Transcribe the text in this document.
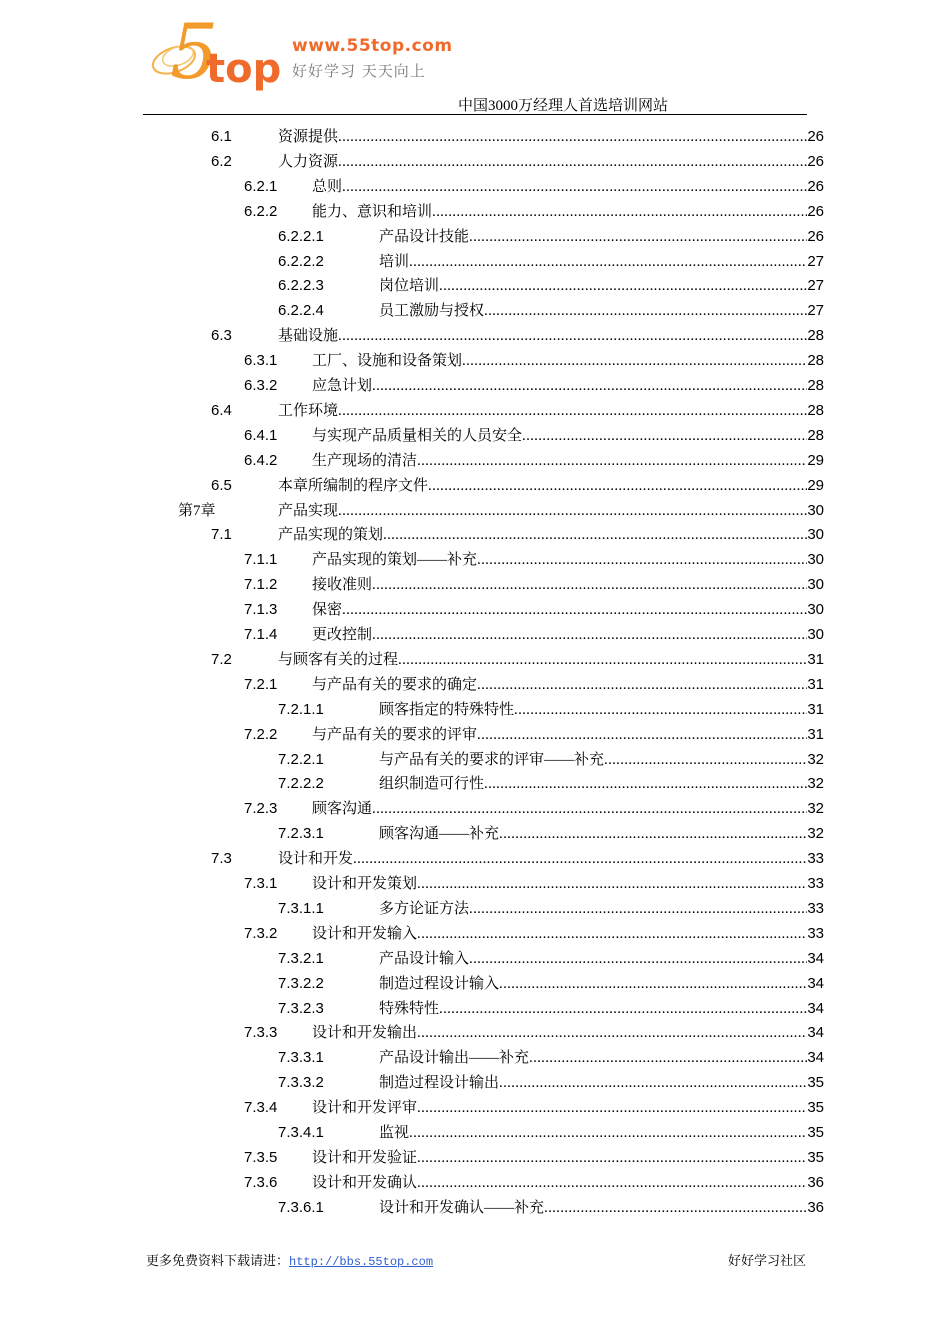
5
top www.55top.com
好好学习 天天向上
中国3000万经理人首选培训网站
6.1	资源提供 .....	26
6.2	人力资源 .....	26
6.2.1 总则 .....	26
6.2.2 能力、意识和培训 .....	26
6.2.2.1	产品设计技能 .....	26
6.2.2.2	培训 .....	27
6.2.2.3	岗位培训 .....	27
6.2.2.4	员工激励与授权 .....	27
6.3	基础设施 .....	28
6.3.1 工厂、设施和设备策划 .....	28
6.3.2 应急计划 .....	28
6.4	工作环境 .....	28
6.4.1 与实现产品质量相关的人员安全 .....	28
6.4.2 生产现场的清洁 .....	29
6.5	本章所编制的程序文件 .....	29
第7章	产品实现 .....	30
7.1	产品实现的策划 .....	30
7.1.1 产品实现的策划——补充 .....	30
7.1.2 接收准则 .....	30
7.1.3 保密 .....	30
7.1.4 更改控制 .....	30
7.2	与顾客有关的过程 .....	31
7.2.1 与产品有关的要求的确定 .....	31
7.2.1.1	顾客指定的特殊特性 .....	31
7.2.2 与产品有关的要求的评审 .....	31
7.2.2.1	与产品有关的要求的评审——补充 .....	32
7.2.2.2	组织制造可行性 .....	32
7.2.3 顾客沟通 .....	32
7.2.3.1	顾客沟通——补充 .....	32
7.3	设计和开发 .....	33
7.3.1 设计和开发策划 .....	33
7.3.1.1	多方论证方法 .....	33
7.3.2 设计和开发输入 .....	33
7.3.2.1	产品设计输入 .....	34
7.3.2.2	制造过程设计输入 .....	34
7.3.2.3	特殊特性 .....	34
7.3.3 设计和开发输出 .....	34
7.3.3.1	产品设计输出——补充 .....	34
7.3.3.2	制造过程设计输出 .....	35
7.3.4 设计和开发评审 .....	35
7.3.4.1	监视 .....	35
7.3.5 设计和开发验证 .....	35
7.3.6 设计和开发确认 .....	36
7.3.6.1	设计和开发确认——补充 .....	36
更多免费资料下载请进：http://bbs.55top.com	好好学习社区
